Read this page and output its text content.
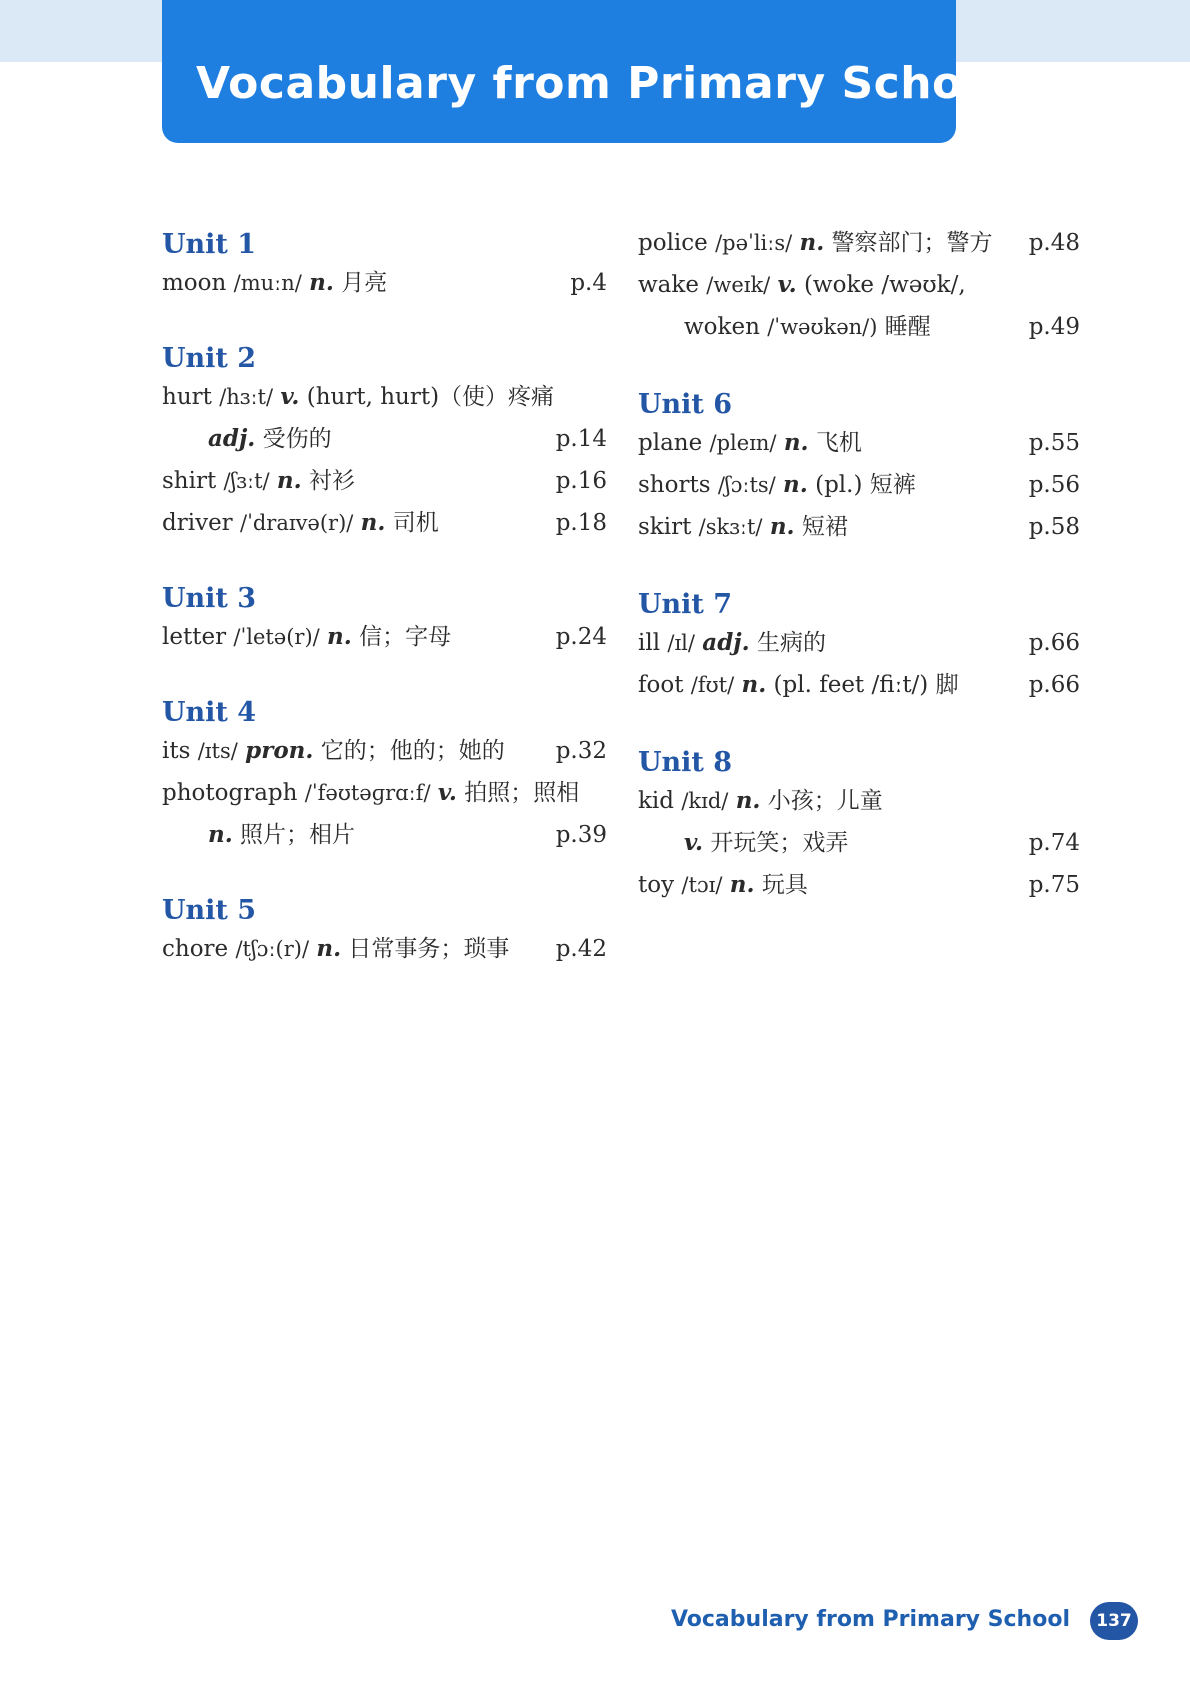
Vocabulary from Primary School
Unit 1
moon /muːn/ n. 月亮	p.4
Unit 2
hurt /hɜːt/ v. (hurt, hurt)（使）疼痛
adj. 受伤的	p.14
shirt /ʃɜːt/ n. 衬衫	p.16
driver /ˈdraɪvə(r)/ n. 司机	p.18
Unit 3
letter /ˈletə(r)/ n. 信；字母	p.24
Unit 4
its /ɪts/ pron. 它的；他的；她的 p.32
photograph /ˈfəʊtəɡrɑːf/ v. 拍照；照相
n. 照片；相片	p.39
Unit 5
chore /tʃɔː(r)/ n. 日常事务；琐事 p.42
police /pəˈliːs/ n. 警察部门；警方 p.48
wake /weɪk/ v. (woke /wəʊk/,
woken /ˈwəʊkən/) 睡醒	p.49
Unit 6
plane /pleɪn/ n. 飞机	p.55
shorts /ʃɔːts/ n. (pl.) 短裤	p.56
skirt /skɜːt/ n. 短裙	p.58
Unit 7
ill /ɪl/ adj. 生病的	p.66
foot /fʊt/ n. (pl. feet /fiːt/) 脚	p.66
Unit 8
kid /kɪd/ n. 小孩；儿童
v. 开玩笑；戏弄	p.74
toy /tɔɪ/ n. 玩具	p.75
Vocabulary from Primary School	137
